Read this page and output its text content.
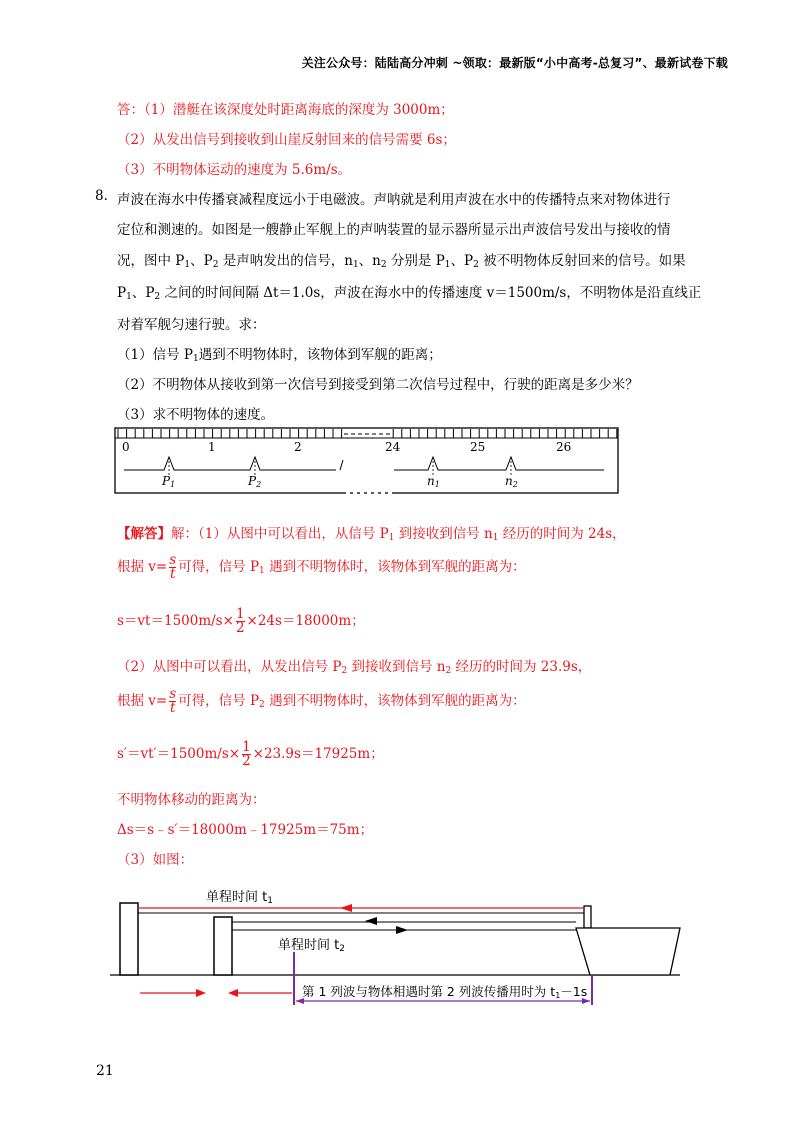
关注公众号：陆陆高分冲刺 ~领取：最新版“小中高考-总复习”、最新试卷下载
答：（1）潜艇在该深度处时距离海底的深度为 3000m；
（2）从发出信号到接收到山崖反射回来的信号需要 6s；
（3）不明物体运动的速度为 5.6m/s。
8. 声波在海水中传播衰减程度远小于电磁波。声呐就是利用声波在水中的传播特点来对物体进行
定位和测速的。如图是一艘静止军舰上的声呐装置的显示器所显示出声波信号发出与接收的情
况，图中 $P_1$、$P_2$ 是声呐发出的信号，$n_1$、$n_2$ 分别是 $P_1$、$P_2$ 被不明物体反射回来的信号。如果
$P_1$、$P_2$ 之间的时间间隔 Δt＝1.0s，声波在海水中的传播速度 v＝1500m/s，不明物体是沿直线正
对着军舰匀速行驶。求：
（1）信号 $P_1$遇到不明物体时，该物体到军舰的距离；
（2）不明物体从接收到第一次信号到接受到第二次信号过程中，行驶的距离是多少米？
（3）求不明物体的速度。
0	1	2	24	25	26
P1	P2	n1	n2
【解答】解：（1）从图中可以看出，从信号 $P_1$ 到接收到信号 $n_1$ 经历的时间为 24s，
根据 $v= \frac{s}{t}$ 可得，信号 $P_1$ 遇到不明物体时，该物体到军舰的距离为：
$s=vt=1500m/s\times \frac{1}{2} \times 24s=18000m$；
（2）从图中可以看出，从发出信号 $P_2$ 到接收到信号 $n_2$ 经历的时间为 23.9s，
根据 $v= \frac{s}{t}$ 可得，信号 $P_2$ 遇到不明物体时，该物体到军舰的距离为：
$s'=vt'=1500m/s\times \frac{1}{2} \times 23.9s=17925m$；
不明物体移动的距离为：
Δs＝s﹣s′＝18000m﹣17925m＝75m；
（3）如图：
单程时间 t1
单程时间 t2
第 1 列波与物体相遇时第 2 列波传播用时为 t1－1s
21
